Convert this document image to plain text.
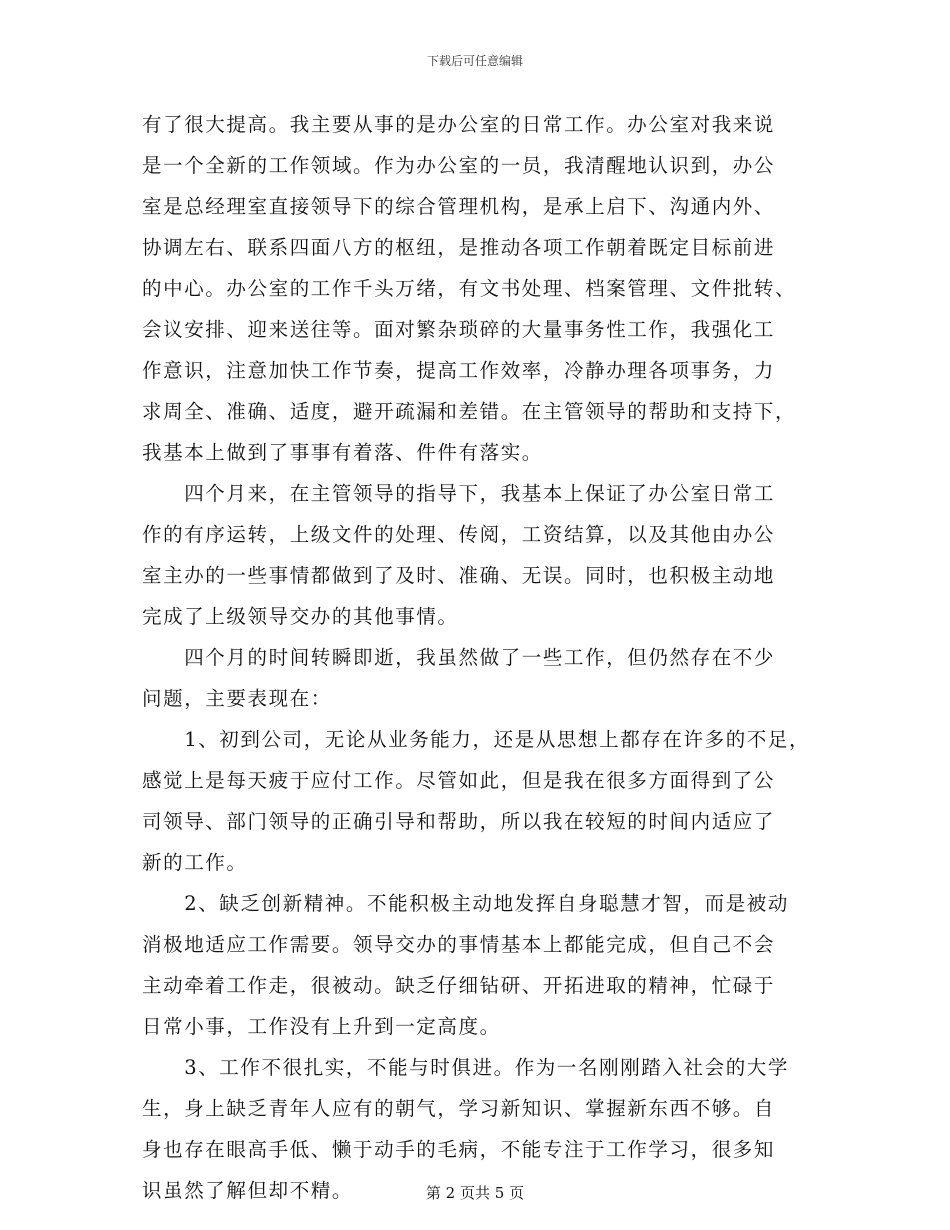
下载后可任意编辑
有了很大提高。我主要从事的是办公室的日常工作。办公室对我来说
是一个全新的工作领域。作为办公室的一员，我清醒地认识到，办公
室是总经理室直接领导下的综合管理机构，是承上启下、沟通内外、
协调左右、联系四面八方的枢纽，是推动各项工作朝着既定目标前进
的中心。办公室的工作千头万绪，有文书处理、档案管理、文件批转、
会议安排、迎来送往等。面对繁杂琐碎的大量事务性工作，我强化工
作意识，注意加快工作节奏，提高工作效率，冷静办理各项事务，力
求周全、准确、适度，避开疏漏和差错。在主管领导的帮助和支持下，
我基本上做到了事事有着落、件件有落实。
　　四个月来，在主管领导的指导下，我基本上保证了办公室日常工
作的有序运转，上级文件的处理、传阅，工资结算，以及其他由办公
室主办的一些事情都做到了及时、准确、无误。同时，也积极主动地
完成了上级领导交办的其他事情。
　　四个月的时间转瞬即逝，我虽然做了一些工作，但仍然存在不少
问题，主要表现在：
　　1、初到公司，无论从业务能力，还是从思想上都存在许多的不足，
感觉上是每天疲于应付工作。尽管如此，但是我在很多方面得到了公
司领导、部门领导的正确引导和帮助，所以我在较短的时间内适应了
新的工作。
　　2、缺乏创新精神。不能积极主动地发挥自身聪慧才智，而是被动
消极地适应工作需要。领导交办的事情基本上都能完成，但自己不会
主动牵着工作走，很被动。缺乏仔细钻研、开拓进取的精神，忙碌于
日常小事，工作没有上升到一定高度。
　　3、工作不很扎实，不能与时俱进。作为一名刚刚踏入社会的大学
生，身上缺乏青年人应有的朝气，学习新知识、掌握新东西不够。自
身也存在眼高手低、懒于动手的毛病，不能专注于工作学习，很多知
识虽然了解但却不精。	第 2 页共 5 页
